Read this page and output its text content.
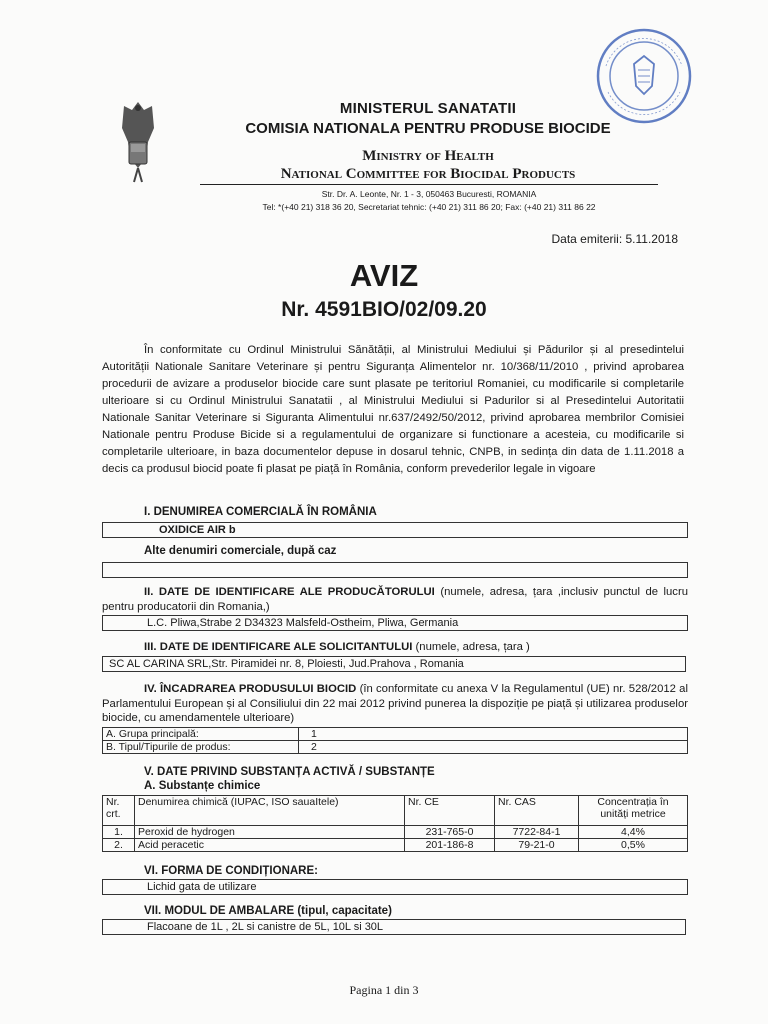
MINISTERUL SANATATII
COMISIA NATIONALA PENTRU PRODUSE BIOCIDE
Ministry of Health
National Committee for Biocidal Products
Str. Dr. A. Leonte, Nr. 1 - 3, 050463 Bucuresti, ROMANIA
Tel: *(+40 21) 318 36 20, Secretariat tehnic: (+40 21) 311 86 20; Fax: (+40 21) 311 86 22
Data emiterii: 5.11.2018
AVIZ
Nr. 4591BIO/02/09.20

În conformitate cu Ordinul Ministrului Sănătății, al Ministrului Mediului și Pădurilor și al presedintelui Autorității Nationale Sanitare Veterinare și pentru Siguranța Alimentelor nr. 10/368/11/2010 , privind aprobarea procedurii de avizare a produselor biocide care sunt plasate pe teritoriul Romaniei, cu modificarile si completarile ulterioare si cu Ordinul Ministrului Sanatatii , al Ministrului Mediului si Padurilor si al Presedintelui Autoritatii Nationale Sanitar Veterinare si Siguranta Alimentului nr.637/2492/50/2012, privind aprobarea membrilor Comisiei Nationale pentru Produse Bicide si a regulamentului de organizare si functionare a acesteia, cu modificarile si completarile ulterioare, in baza documentelor depuse in dosarul tehnic, CNPB, in sedința din data de 1.11.2018 a decis ca produsul biocid poate fi plasat pe piață în România, conform prevederilor legale in vigoare

I. DENUMIREA COMERCIALĂ ÎN ROMÂNIA
OXIDICE AIR b
Alte denumiri comerciale, după caz
II. DATE DE IDENTIFICARE ALE PRODUCĂTORULUI (numele, adresa, țara ,inclusiv punctul de lucru pentru producatorii din Romania,)
L.C. Pliwa,Strabe 2 D34323 Malsfeld-Ostheim, Pliwa, Germania
III. DATE DE IDENTIFICARE ALE SOLICITANTULUI (numele, adresa, țara )
SC AL CARINA SRL,Str. Piramidei nr. 8, Ploiesti, Jud.Prahova , Romania
IV. ÎNCADRAREA PRODUSULUI BIOCID (în conformitate cu anexa V la Regulamentul (UE) nr. 528/2012 al Parlamentului European și al Consiliului din 22 mai 2012 privind punerea la dispoziție pe piață și utilizarea produselor biocide, cu amendamentele ulterioare)
A. Grupa principală:	1
B. Tipul/Tipurile de produs:	2
V. DATE PRIVIND SUBSTANȚA ACTIVĂ / SUBSTANȚE
A. Substanțe chimice
Nr. crt.	Denumirea chimică (IUPAC, ISO sauaItele)	Nr. CE	Nr. CAS	Concentrația în unități metrice
1.	Peroxid de hydrogen	231-765-0	7722-84-1	4,4%
2.	Acid peracetic	201-186-8	79-21-0	0,5%
VI. FORMA DE CONDIȚIONARE:
Lichid gata de utilizare
VII. MODUL DE AMBALARE (tipul, capacitate)
Flacoane de 1L , 2L si canistre de 5L, 10L si 30L
Pagina 1 din 3
